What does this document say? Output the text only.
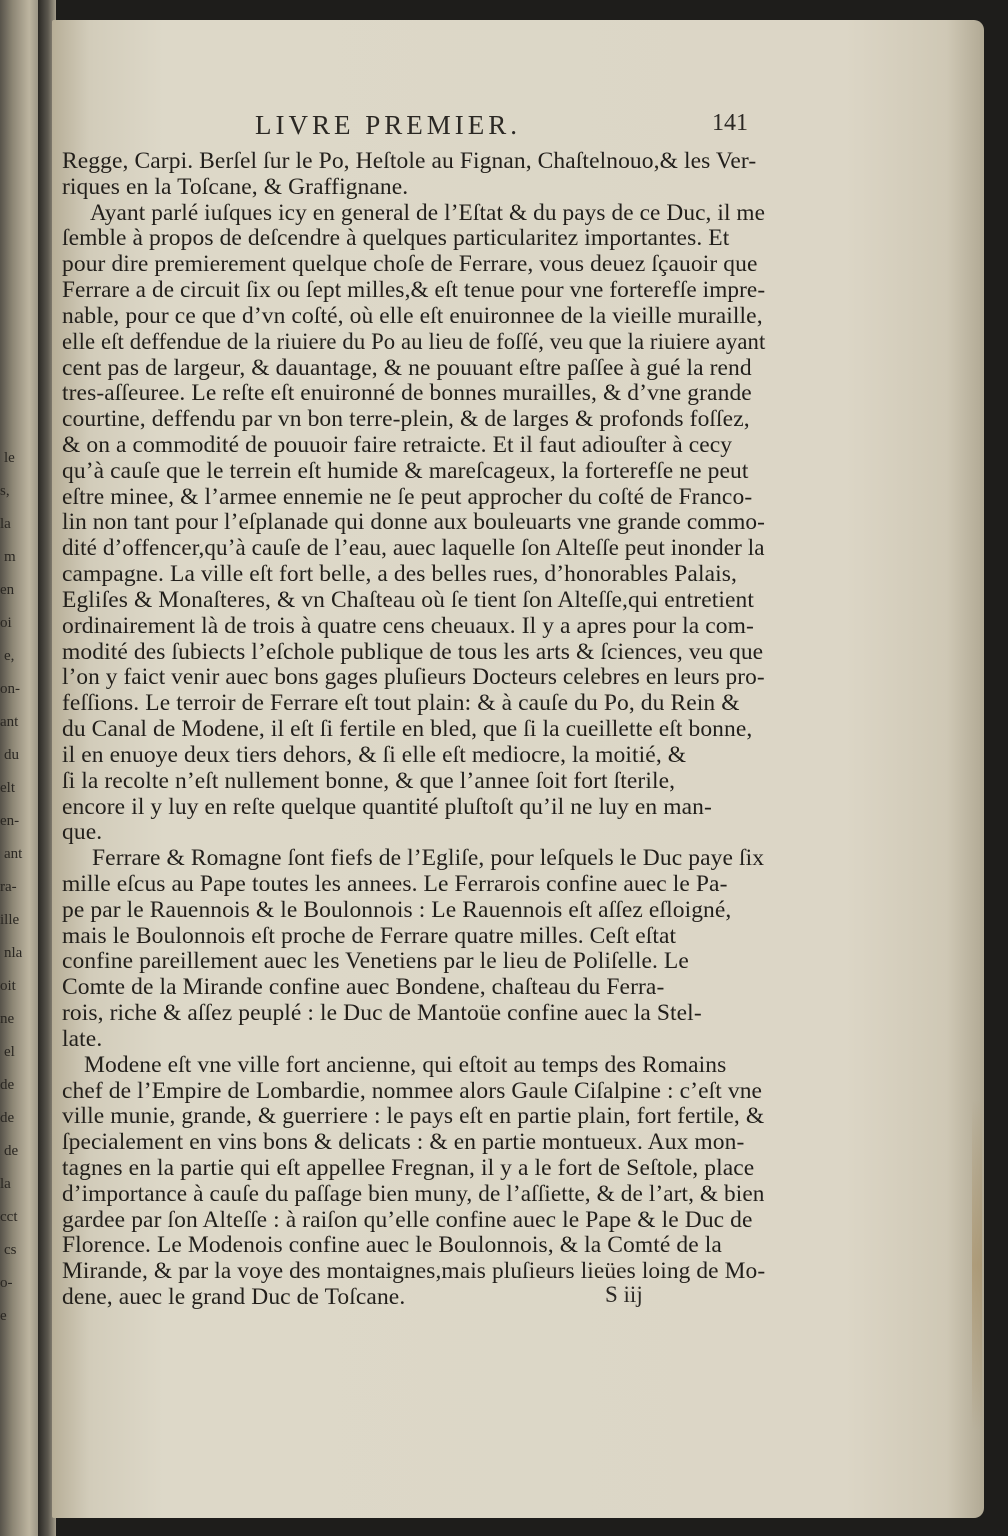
le
s,
la
m
en
oi
e,
on-
ant
du
elt
en-
ant
ra-
ille
nla
oit
ne
el
de
de
de
la
cct
cs
o-
e
LIVRE PREMIER.	141
Regge, Carpi. Berſel ſur le Po, Heſtole au Fignan, Chaſtelnouo,& les Ver-
riques en la Toſcane, & Graffignane.
Ayant parlé iuſques icy en general de l’Eſtat & du pays de ce Duc, il me
ſemble à propos de deſcendre à quelques particularitez importantes. Et
pour dire premierement quelque choſe de Ferrare, vous deuez ſçauoir que
Ferrare a de circuit ſix ou ſept milles,& eſt tenue pour vne forterefſe impre-
nable, pour ce que d’vn coſté, où elle eſt enuironnee de la vieille muraille,
elle eſt deffendue de la riuiere du Po au lieu de foſſé, veu que la riuiere ayant
cent pas de largeur, & dauantage, & ne pouuant eſtre paſſee à gué la rend
tres-aſſeuree. Le reſte eſt enuironné de bonnes murailles, & d’vne grande
courtine, deffendu par vn bon terre-plein, & de larges & profonds foſſez,
& on a commodité de pouuoir faire retraicte. Et il faut adiouſter à cecy
qu’à cauſe que le terrein eſt humide & mareſcageux, la forterefſe ne peut
eſtre minee, & l’armee ennemie ne ſe peut approcher du coſté de Franco-
lin non tant pour l’eſplanade qui donne aux bouleuarts vne grande commo-
dité d’offencer,qu’à cauſe de l’eau, auec laquelle ſon Alteſſe peut inonder la
campagne. La ville eſt fort belle, a des belles rues, d’honorables Palais,
Egliſes & Monaſteres, & vn Chaſteau où ſe tient ſon Alteſſe,qui entretient
ordinairement là de trois à quatre cens cheuaux. Il y a apres pour la com-
modité des ſubiects l’eſchole publique de tous les arts & ſciences, veu que
l’on y faict venir auec bons gages pluſieurs Docteurs celebres en leurs pro-
feſſions. Le terroir de Ferrare eſt tout plain: & à cauſe du Po, du Rein &
du Canal de Modene, il eſt ſi fertile en bled, que ſi la cueillette eſt bonne,
il en enuoye deux tiers dehors, & ſi elle eſt mediocre, la moitié, &
ſi la recolte n’eſt nullement bonne, & que l’annee ſoit fort ſterile,
encore il y luy en reſte quelque quantité pluſtoſt qu’il ne luy en man-
que.
Ferrare & Romagne ſont fiefs de l’Egliſe, pour leſquels le Duc paye ſix
mille eſcus au Pape toutes les annees. Le Ferrarois confine auec le Pa-
pe par le Rauennois & le Boulonnois : Le Rauennois eſt aſſez eſloigné,
mais le Boulonnois eſt proche de Ferrare quatre milles. Ceſt eſtat
confine pareillement auec les Venetiens par le lieu de Poliſelle. Le
Comte de la Mirande confine auec Bondene, chaſteau du Ferra-
rois, riche & aſſez peuplé : le Duc de Mantoüe confine auec la Stel-
late.
Modene eſt vne ville fort ancienne, qui eſtoit au temps des Romains
chef de l’Empire de Lombardie, nommee alors Gaule Ciſalpine : c’eſt vne
ville munie, grande, & guerriere : le pays eſt en partie plain, fort fertile, &
ſpecialement en vins bons & delicats : & en partie montueux. Aux mon-
tagnes en la partie qui eſt appellee Fregnan, il y a le fort de Seſtole, place
d’importance à cauſe du paſſage bien muny, de l’aſſiette, & de l’art, & bien
gardee par ſon Alteſſe : à raiſon qu’elle confine auec le Pape & le Duc de
Florence. Le Modenois confine auec le Boulonnois, & la Comté de la
Mirande, & par la voye des montaignes,mais pluſieurs lieües loing de Mo-
dene, auec le grand Duc de Toſcane.	S iij
